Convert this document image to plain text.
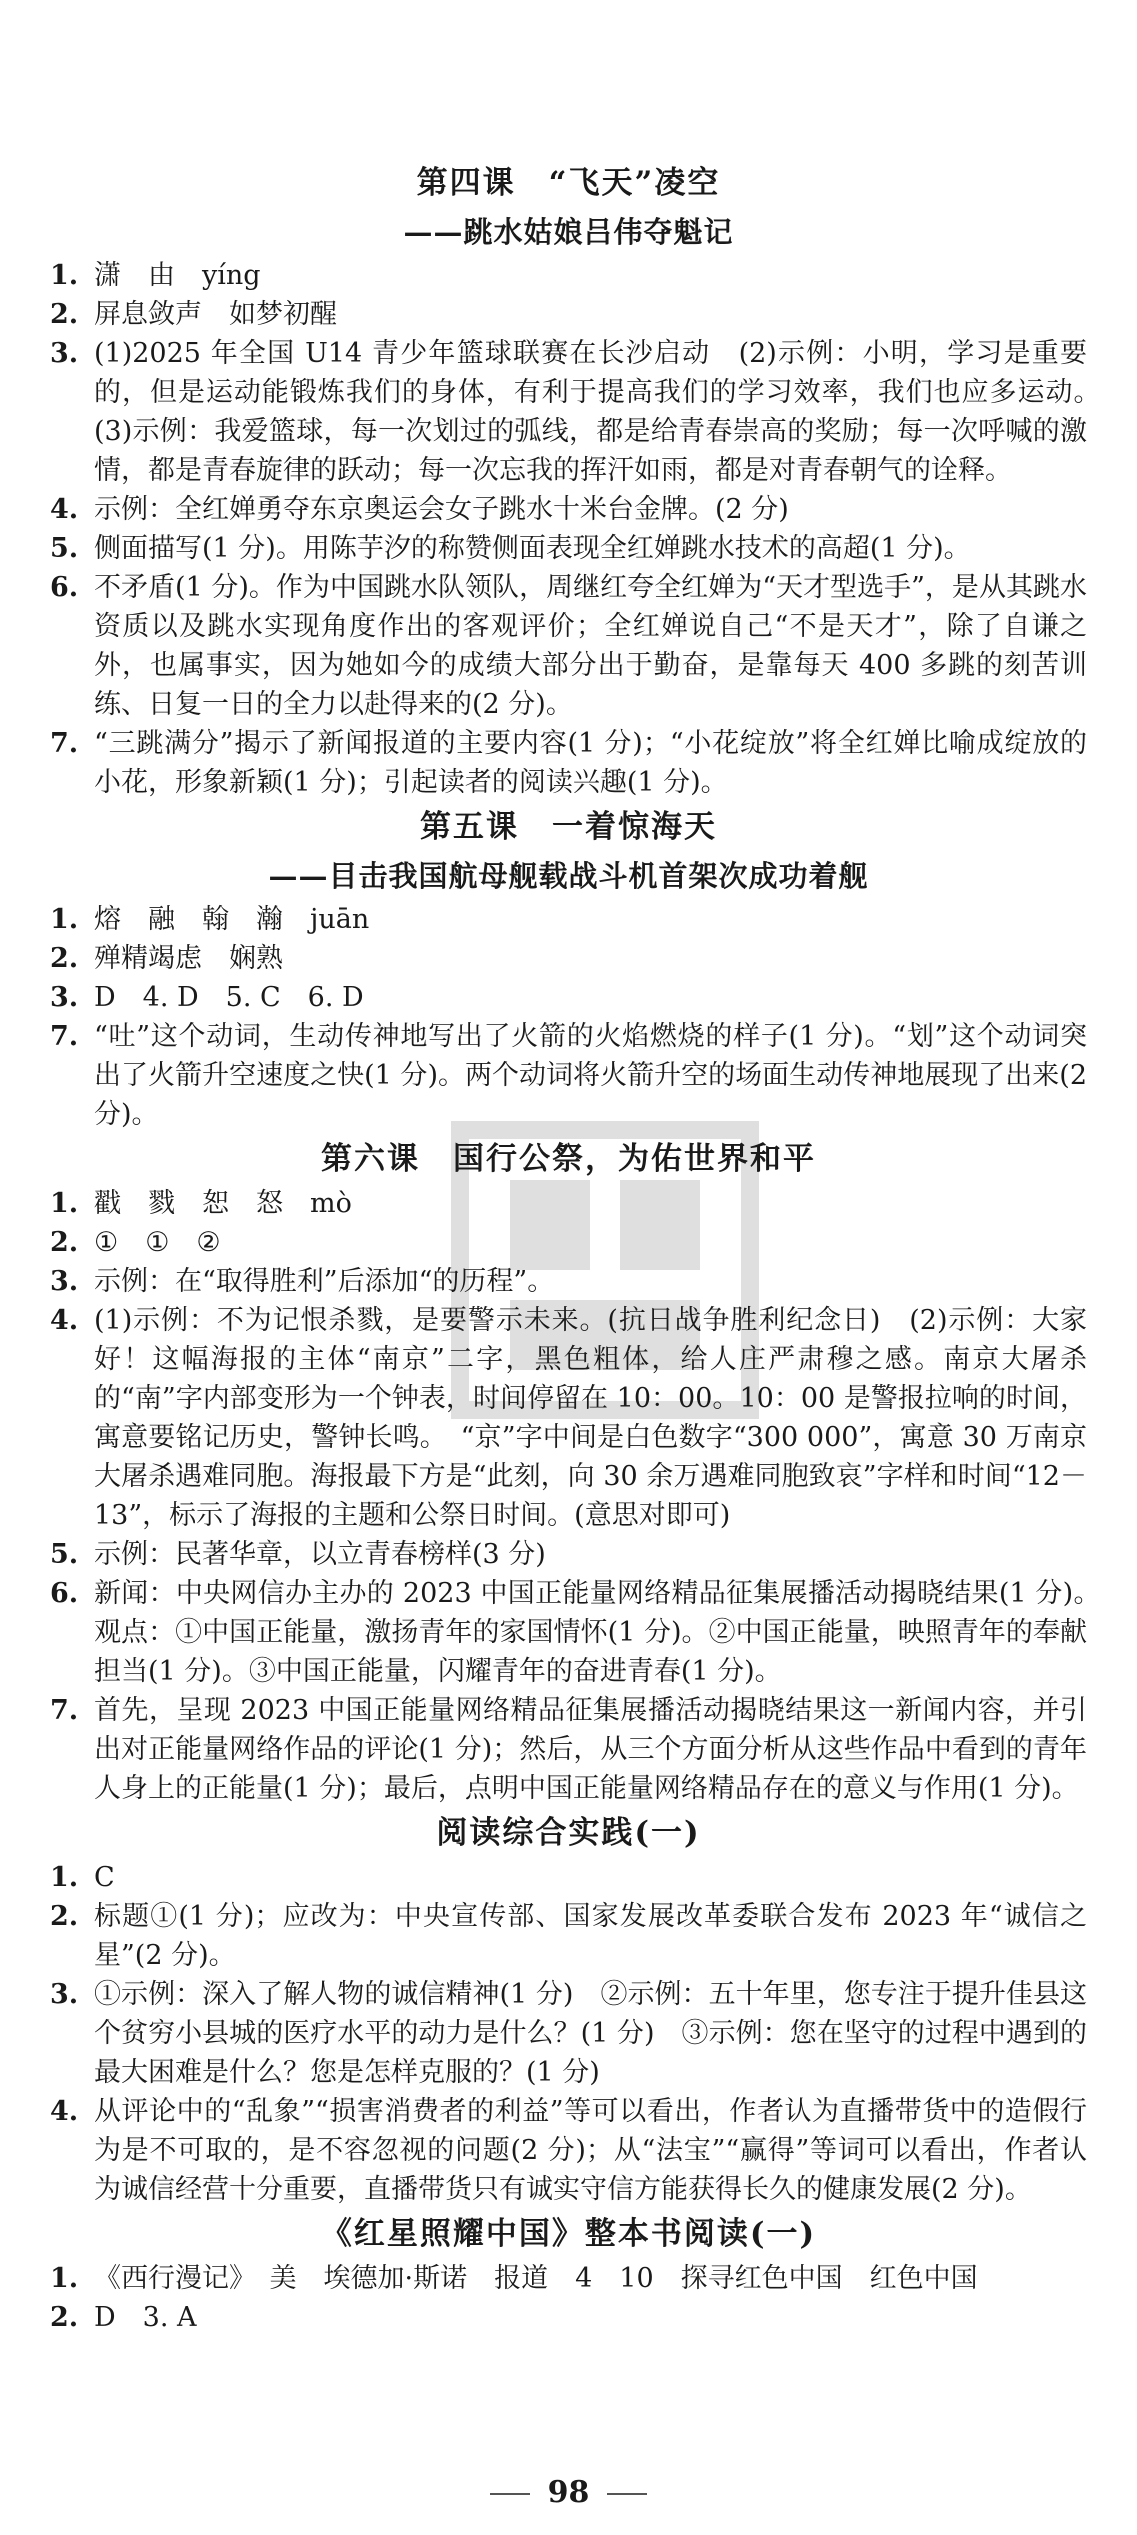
第四课　“飞天”凌空
——跳水姑娘吕伟夺魁记
1. 潇　由　yíng
2. 屏息敛声　如梦初醒
3. (1)2025 年全国 U14 青少年篮球联赛在长沙启动　(2)示例：小明，学习是重要的，但是运动能锻炼我们的身体，有利于提高我们的学习效率，我们也应多运动。　(3)示例：我爱篮球，每一次划过的弧线，都是给青春崇高的奖励；每一次呼喊的激情，都是青春旋律的跃动；每一次忘我的挥汗如雨，都是对青春朝气的诠释。
4. 示例：全红婵勇夺东京奥运会女子跳水十米台金牌。(2 分)
5. 侧面描写(1 分)。用陈芋汐的称赞侧面表现全红婵跳水技术的高超(1 分)。
6. 不矛盾(1 分)。作为中国跳水队领队，周继红夸全红婵为“天才型选手”，是从其跳水资质以及跳水实现角度作出的客观评价；全红婵说自己“不是天才”，除了自谦之外，也属事实，因为她如今的成绩大部分出于勤奋，是靠每天 400 多跳的刻苦训练、日复一日的全力以赴得来的(2 分)。
7. “三跳满分”揭示了新闻报道的主要内容(1 分)；“小花绽放”将全红婵比喻成绽放的小花，形象新颖(1 分)；引起读者的阅读兴趣(1 分)。
第五课　一着惊海天
——目击我国航母舰载战斗机首架次成功着舰
1. 熔　融　翰　瀚　juān
2. 殚精竭虑　娴熟
3. D　4. D　5. C　6. D
7. “吐”这个动词，生动传神地写出了火箭的火焰燃烧的样子(1 分)。“划”这个动词突出了火箭升空速度之快(1 分)。两个动词将火箭升空的场面生动传神地展现了出来(2 分)。
第六课　国行公祭，为佑世界和平
1. 戳　戮　恕　怒　mò
2. ①　①　②
3. 示例：在“取得胜利”后添加“的历程”。
4. (1)示例：不为记恨杀戮，是要警示未来。(抗日战争胜利纪念日)　(2)示例：大家好！这幅海报的主体“南京”二字，黑色粗体，给人庄严肃穆之感。南京大屠杀的“南”字内部变形为一个钟表，时间停留在 10：00。10：00 是警报拉响的时间，寓意要铭记历史，警钟长鸣。　“京”字中间是白色数字“300 000”，寓意 30 万南京大屠杀遇难同胞。海报最下方是“此刻，向 30 余万遇难同胞致哀”字样和时间“12－13”，标示了海报的主题和公祭日时间。(意思对即可)
5. 示例：民著华章，以立青春榜样(3 分)
6. 新闻：中央网信办主办的 2023 中国正能量网络精品征集展播活动揭晓结果(1 分)。　观点：①中国正能量，激扬青年的家国情怀(1 分)。②中国正能量，映照青年的奉献担当(1 分)。③中国正能量，闪耀青年的奋进青春(1 分)。
7. 首先，呈现 2023 中国正能量网络精品征集展播活动揭晓结果这一新闻内容，并引出对正能量网络作品的评论(1 分)；然后，从三个方面分析从这些作品中看到的青年人身上的正能量(1 分)；最后，点明中国正能量网络精品存在的意义与作用(1 分)。
阅读综合实践(一)
1. C
2. 标题①(1 分)；应改为：中央宣传部、国家发展改革委联合发布 2023 年“诚信之星”(2 分)。
3. ①示例：深入了解人物的诚信精神(1 分)　②示例：五十年里，您专注于提升佳县这个贫穷小县城的医疗水平的动力是什么？(1 分)　③示例：您在坚守的过程中遇到的最大困难是什么？您是怎样克服的？(1 分)
4. 从评论中的“乱象”“损害消费者的利益”等可以看出，作者认为直播带货中的造假行为是不可取的，是不容忽视的问题(2 分)；从“法宝”“赢得”等词可以看出，作者认为诚信经营十分重要，直播带货只有诚实守信方能获得长久的健康发展(2 分)。
《红星照耀中国》整本书阅读(一)
1. 《西行漫记》　美　埃德加·斯诺　报道　4　10　探寻红色中国　红色中国
2. D　3. A
98
